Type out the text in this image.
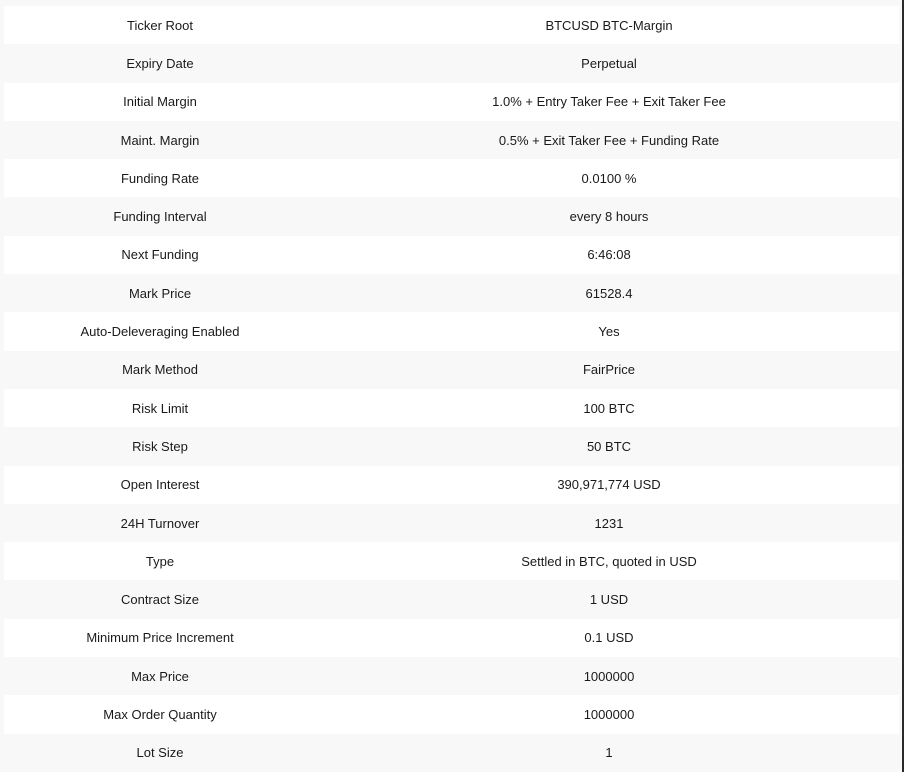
Ticker Root	BTCUSD BTC-Margin
Expiry Date	Perpetual
Initial Margin	1.0% + Entry Taker Fee + Exit Taker Fee
Maint. Margin	0.5% + Exit Taker Fee + Funding Rate
Funding Rate	0.0100 %
Funding Interval	every 8 hours
Next Funding	6:46:08
Mark Price	61528.4
Auto-Deleveraging Enabled	Yes
Mark Method	FairPrice
Risk Limit	100 BTC
Risk Step	50 BTC
Open Interest	390,971,774 USD
24H Turnover	1231
Type	Settled in BTC, quoted in USD
Contract Size	1 USD
Minimum Price Increment	0.1 USD
Max Price	1000000
Max Order Quantity	1000000
Lot Size	1
